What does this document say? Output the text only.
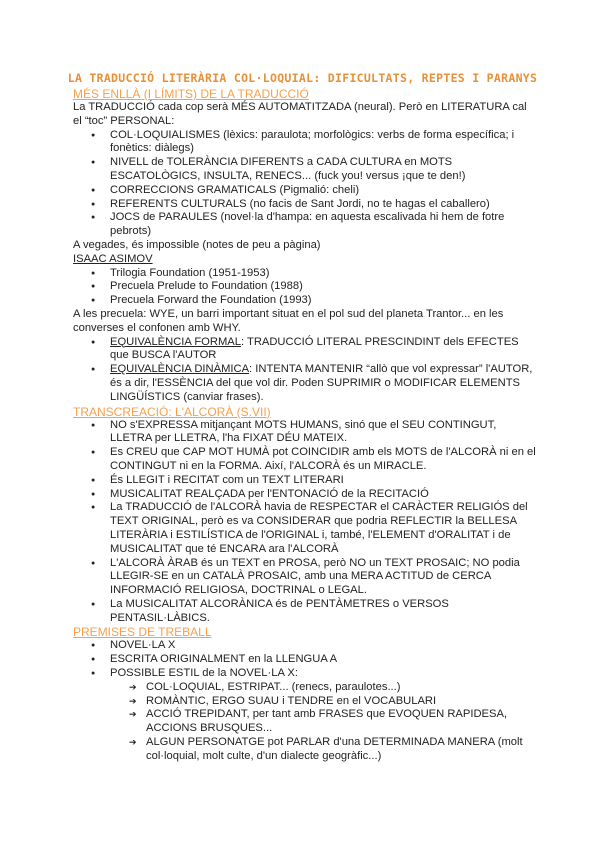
LA TRADUCCIÓ LITERÀRIA COL·LOQUIAL: DIFICULTATS, REPTES I PARANYS
MÉS ENLLÀ (I LÍMITS) DE LA TRADUCCIÓ

La TRADUCCIÓ cada cop serà MÉS AUTOMATITZADA (neural). Però en LITERATURA cal el “toc” PERSONAL:

● COL·LOQUIALISMES (lèxics: paraulota; morfològics: verbs de forma específica; i fonètics: diàlegs)
● NIVELL de TOLERÀNCIA DIFERENTS a CADA CULTURA en MOTS ESCATOLÒGICS, INSULTA, RENECS... (fuck you! versus ¡que te den!)
● CORRECCIONS GRAMATICALS (Pigmalió: cheli)
● REFERENTS CULTURALS (no facis de Sant Jordi, no te hagas el caballero)
● JOCS de PARAULES (novel·la d'hampa: en aquesta escalivada hi hem de fotre pebrots)

A vegades, és impossible (notes de peu a pàgina)

ISAAC ASIMOV

● Trilogia Foundation (1951-1953)
● Precuela Prelude to Foundation (1988)
● Precuela Forward the Foundation (1993)

A les precuela: WYE, un barri important situat en el pol sud del planeta Trantor... en les converses el confonen amb WHY.

● EQUIVALÈNCIA FORMAL: TRADUCCIÓ LITERAL PRESCINDINT dels EFECTES que BUSCA l'AUTOR
● EQUIVALÈNCIA DINÀMICA: INTENTA MANTENIR “allò que vol expressar” l'AUTOR, és a dir, l'ESSÈNCIA del que vol dir. Poden SUPRIMIR o MODIFICAR ELEMENTS LINGÜÍSTICS (canviar frases).
TRANSCREACIÓ: L'ALCORÀ (S.VII)
● NO s'EXPRESSA mitjançant MOTS HUMANS, sinó que el SEU CONTINGUT, LLETRA per LLETRA, l'ha FIXAT DÉU MATEIX.
● Es CREU que CAP MOT HUMÀ pot COINCIDIR amb els MOTS de l'ALCORÀ ni en el CONTINGUT ni en la FORMA. Així, l'ALCORÀ és un MIRACLE.
● És LLEGIT i RECITAT com un TEXT LITERARI
● MUSICALITAT REALÇADA per l'ENTONACIÓ de la RECITACIÓ
● La TRADUCCIÓ de l'ALCORÀ havia de RESPECTAR el CARÀCTER RELIGIÓS del TEXT ORIGINAL, però es va CONSIDERAR que podria REFLECTIR la BELLESA LITERÀRIA i ESTILÍSTICA de l'ORIGINAL i, també, l'ELEMENT d'ORALITAT i de MUSICALITAT que té ENCARA ara l'ALCORÀ
● L'ALCORÀ ÀRAB és un TEXT en PROSA, però NO un TEXT PROSAIC; NO podia LLEGIR-SE en un CATALÀ PROSAIC, amb una MERA ACTITUD de CERCA INFORMACIÓ RELIGIOSA, DOCTRINAL o LEGAL.
● La MUSICALITAT ALCORÀNICA és de PENTÀMETRES o VERSOS PENTASIL·LÀBICS.
PREMISES DE TREBALL
● NOVEL·LA X
● ESCRITA ORIGINALMENT en la LLENGUA A
● POSSIBLE ESTIL de la NOVEL·LA X:
➔ COL·LOQUIAL, ESTRIPAT... (renecs, paraulotes...)
➔ ROMÀNTIC, ERGO SUAU i TENDRE en el VOCABULARI
➔ ACCIÓ TREPIDANT, per tant amb FRASES que EVOQUEN RAPIDESA, ACCIONS BRUSQUES...
➔ ALGUN PERSONATGE pot PARLAR d'una DETERMINADA MANERA (molt col·loquial, molt culte, d'un dialecte geogràfic...)
